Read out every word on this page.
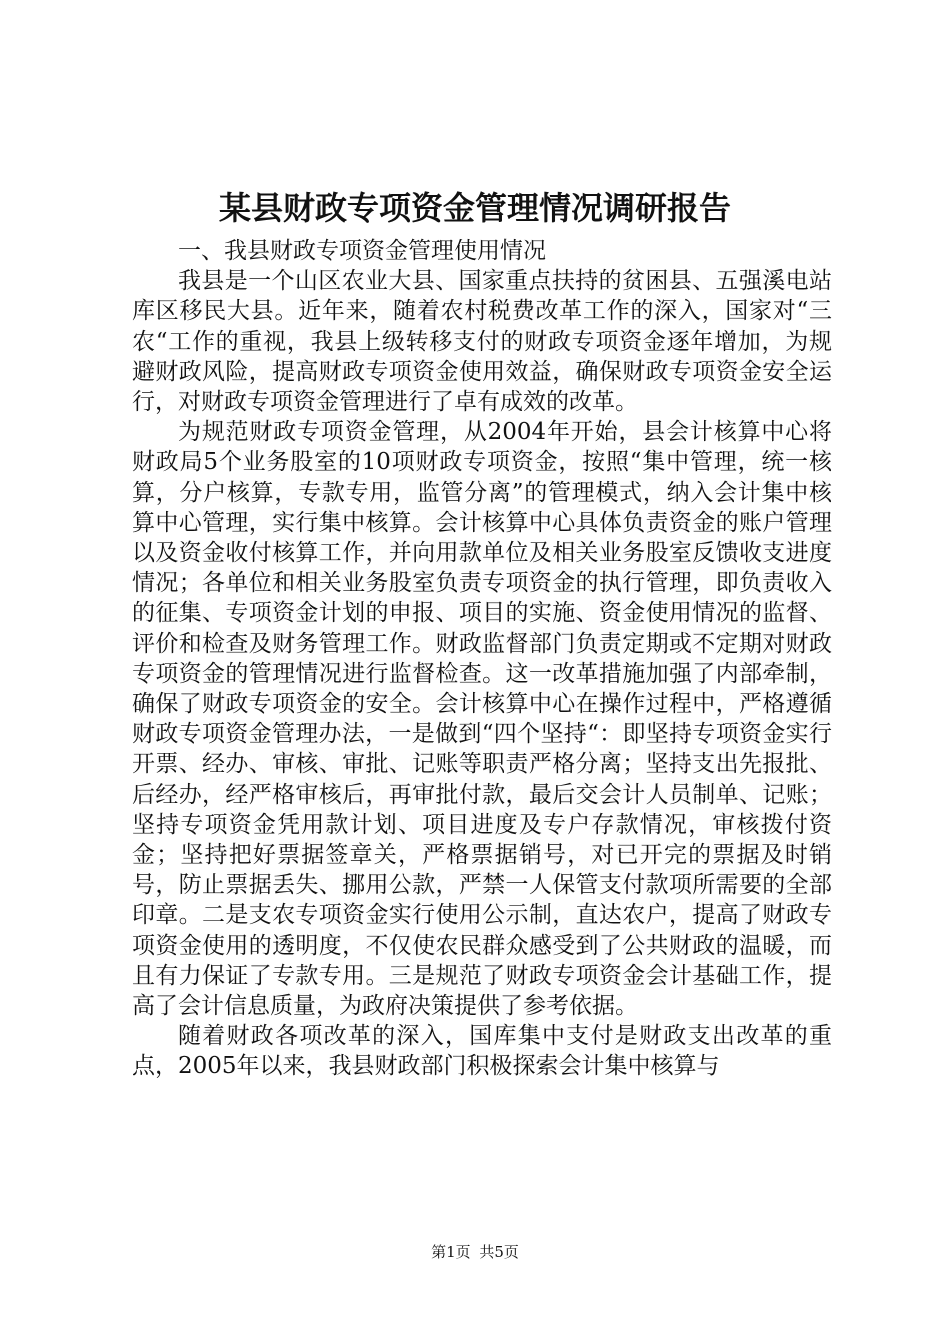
某县财政专项资金管理情况调研报告

一、我县财政专项资金管理使用情况

我县是一个山区农业大县、国家重点扶持的贫困县、五强溪电站库区移民大县。近年来，随着农村税费改革工作的深入，国家对“三农“工作的重视，我县上级转移支付的财政专项资金逐年增加，为规避财政风险，提高财政专项资金使用效益，确保财政专项资金安全运行，对财政专项资金管理进行了卓有成效的改革。

为规范财政专项资金管理，从2004年开始，县会计核算中心将财政局5个业务股室的10项财政专项资金，按照“集中管理，统一核算，分户核算，专款专用，监管分离”的管理模式，纳入会计集中核算中心管理，实行集中核算。会计核算中心具体负责资金的账户管理以及资金收付核算工作，并向用款单位及相关业务股室反馈收支进度情况；各单位和相关业务股室负责专项资金的执行管理，即负责收入的征集、专项资金计划的申报、项目的实施、资金使用情况的监督、评价和检查及财务管理工作。财政监督部门负责定期或不定期对财政专项资金的管理情况进行监督检查。这一改革措施加强了内部牵制，确保了财政专项资金的安全。会计核算中心在操作过程中，严格遵循财政专项资金管理办法，一是做到“四个坚持“：即坚持专项资金实行开票、经办、审核、审批、记账等职责严格分离；坚持支出先报批、后经办，经严格审核后，再审批付款，最后交会计人员制单、记账；坚持专项资金凭用款计划、项目进度及专户存款情况，审核拨付资金；坚持把好票据签章关，严格票据销号，对已开完的票据及时销号，防止票据丢失、挪用公款，严禁一人保管支付款项所需要的全部印章。二是支农专项资金实行使用公示制，直达农户，提高了财政专项资金使用的透明度，不仅使农民群众感受到了公共财政的温暖，而且有力保证了专款专用。三是规范了财政专项资金会计基础工作，提高了会计信息质量，为政府决策提供了参考依据。

随着财政各项改革的深入，国库集中支付是财政支出改革的重点，2005年以来，我县财政部门积极探索会计集中核算与

第1页 共5页
